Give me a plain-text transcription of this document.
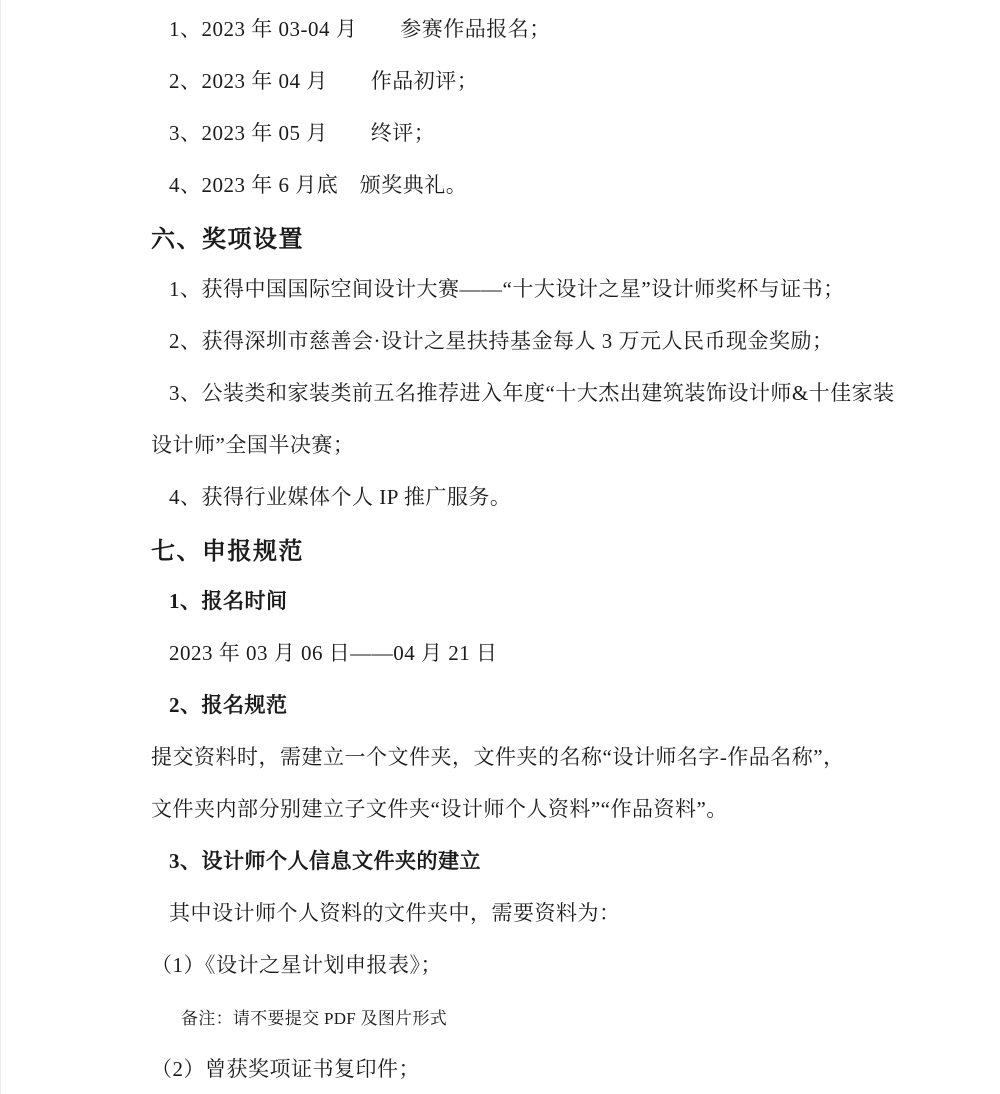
1、2023 年 03-04 月　　参赛作品报名；
2、2023 年 04 月　　作品初评；
3、2023 年 05 月　　终评；
4、2023 年 6 月底　颁奖典礼。
六、奖项设置
1、获得中国国际空间设计大赛——“十大设计之星”设计师奖杯与证书；
2、获得深圳市慈善会·设计之星扶持基金每人 3 万元人民币现金奖励；
3、公装类和家装类前五名推荐进入年度“十大杰出建筑装饰设计师&十佳家装
设计师”全国半决赛；
4、获得行业媒体个人 IP 推广服务。
七、申报规范
1、报名时间
2023 年 03 月 06 日——04 月 21 日
2、报名规范
提交资料时，需建立一个文件夹，文件夹的名称“设计师名字-作品名称”，
文件夹内部分别建立子文件夹“设计师个人资料”“作品资料”。
3、设计师个人信息文件夹的建立
其中设计师个人资料的文件夹中，需要资料为：
（1）《设计之星计划申报表》；
备注：请不要提交 PDF 及图片形式
（2）曾获奖项证书复印件；
